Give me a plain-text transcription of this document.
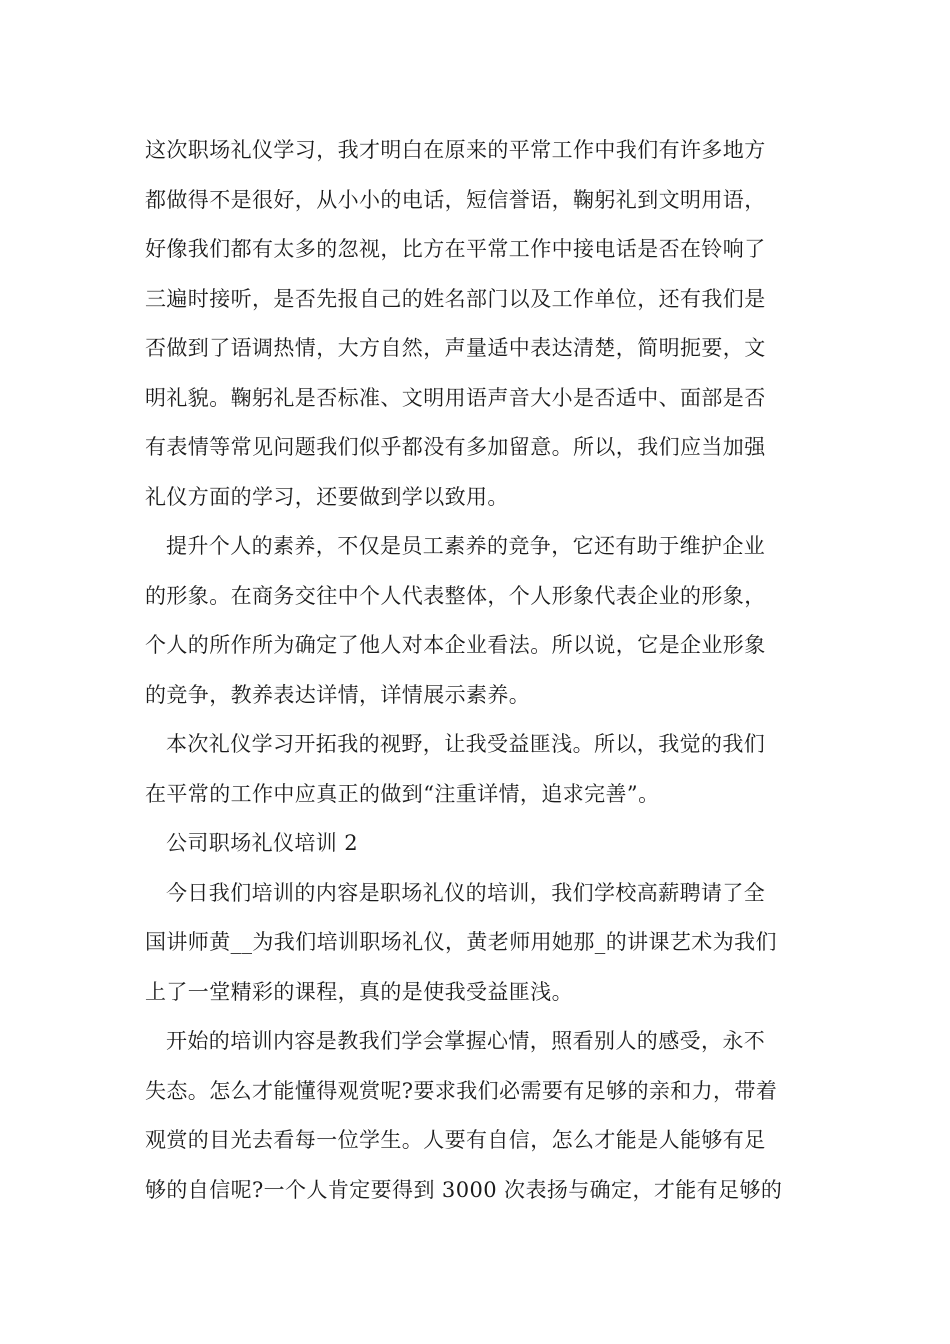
这次职场礼仪学习，我才明白在原来的平常工作中我们有许多地方
都做得不是很好，从小小的电话，短信誉语，鞠躬礼到文明用语，
好像我们都有太多的忽视，比方在平常工作中接电话是否在铃响了
三遍时接听，是否先报自己的姓名部门以及工作单位，还有我们是
否做到了语调热情，大方自然，声量适中表达清楚，简明扼要，文
明礼貌。鞠躬礼是否标准、文明用语声音大小是否适中、面部是否
有表情等常见问题我们似乎都没有多加留意。所以，我们应当加强
礼仪方面的学习，还要做到学以致用。
提升个人的素养，不仅是员工素养的竞争，它还有助于维护企业
的形象。在商务交往中个人代表整体，个人形象代表企业的形象，
个人的所作所为确定了他人对本企业看法。所以说，它是企业形象
的竞争，教养表达详情，详情展示素养。
本次礼仪学习开拓我的视野，让我受益匪浅。所以，我觉的我们
在平常的工作中应真正的做到“注重详情，追求完善”。
公司职场礼仪培训 2
今日我们培训的内容是职场礼仪的培训，我们学校高薪聘请了全
国讲师黄__为我们培训职场礼仪，黄老师用她那_的讲课艺术为我们
上了一堂精彩的课程，真的是使我受益匪浅。
开始的培训内容是教我们学会掌握心情，照看别人的感受，永不
失态。怎么才能懂得观赏呢?要求我们必需要有足够的亲和力，带着
观赏的目光去看每一位学生。人要有自信，怎么才能是人能够有足
够的自信呢?一个人肯定要得到 3000 次表扬与确定，才能有足够的
